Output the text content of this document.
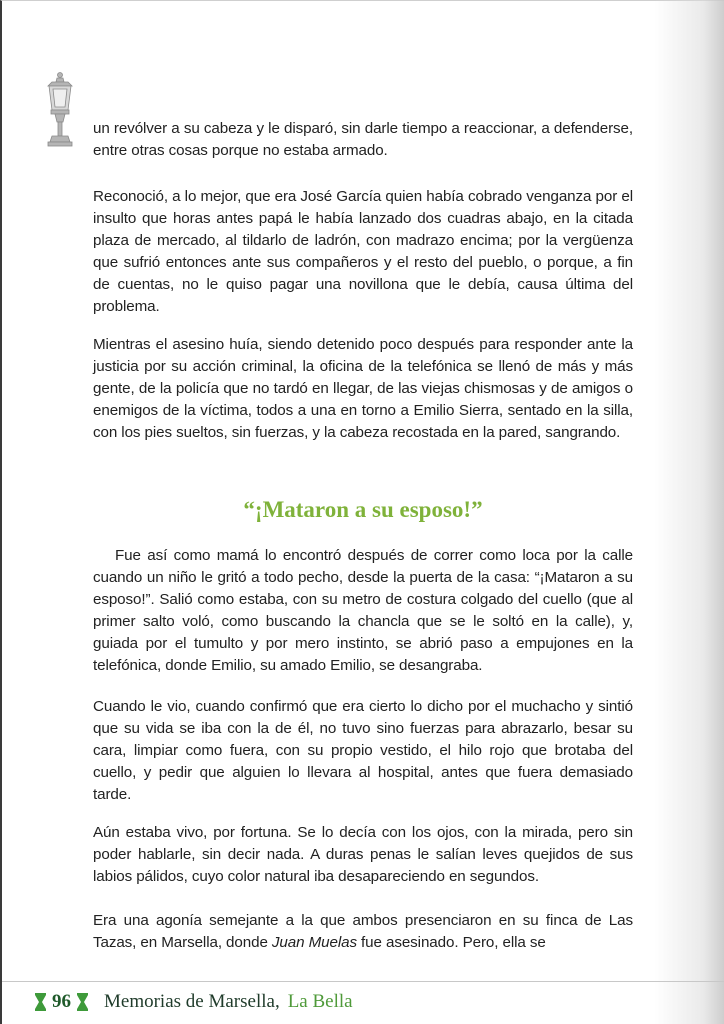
un revólver a su cabeza y le disparó, sin darle tiempo a reaccionar, a defenderse, entre otras cosas porque no estaba armado.

Reconoció, a lo mejor, que era José García quien había cobrado venganza por el insulto que horas antes papá le había lanzado dos cuadras abajo, en la citada plaza de mercado, al tildarlo de ladrón, con madrazo encima; por la vergüenza que sufrió entonces ante sus compañeros y el resto del pueblo, o porque, a fin de cuentas, no le quiso pagar una novillona que le debía, causa última del problema.

Mientras el asesino huía, siendo detenido poco después para responder ante la justicia por su acción criminal, la oficina de la telefónica se llenó de más y más gente, de la policía que no tardó en llegar, de las viejas chismosas y de amigos o enemigos de la víctima, todos a una en torno a Emilio Sierra, sentado en la silla, con los pies sueltos, sin fuerzas, y la cabeza recostada en la pared, sangrando.

“¡Mataron a su esposo!”

Fue así como mamá lo encontró después de correr como loca por la calle cuando un niño le gritó a todo pecho, desde la puerta de la casa: “¡Mataron a su esposo!”. Salió como estaba, con su metro de costura colgado del cuello (que al primer salto voló, como buscando la chancla que se le soltó en la calle), y, guiada por el tumulto y por mero instinto, se abrió paso a empujones en la telefónica, donde Emilio, su amado Emilio, se desangraba.

Cuando le vio, cuando confirmó que era cierto lo dicho por el muchacho y sintió que su vida se iba con la de él, no tuvo sino fuerzas para abrazarlo, besar su cara, limpiar como fuera, con su propio vestido, el hilo rojo que brotaba del cuello, y pedir que alguien lo llevara al hospital, antes que fuera demasiado tarde.

Aún estaba vivo, por fortuna. Se lo decía con los ojos, con la mirada, pero sin poder hablarle, sin decir nada. A duras penas le salían leves quejidos de sus labios pálidos, cuyo color natural iba desapareciendo en segundos.

Era una agonía semejante a la que ambos presenciaron en su finca de Las Tazas, en Marsella, donde Juan Muelas fue asesinado. Pero, ella se

96 Memorias de Marsella, La Bella
